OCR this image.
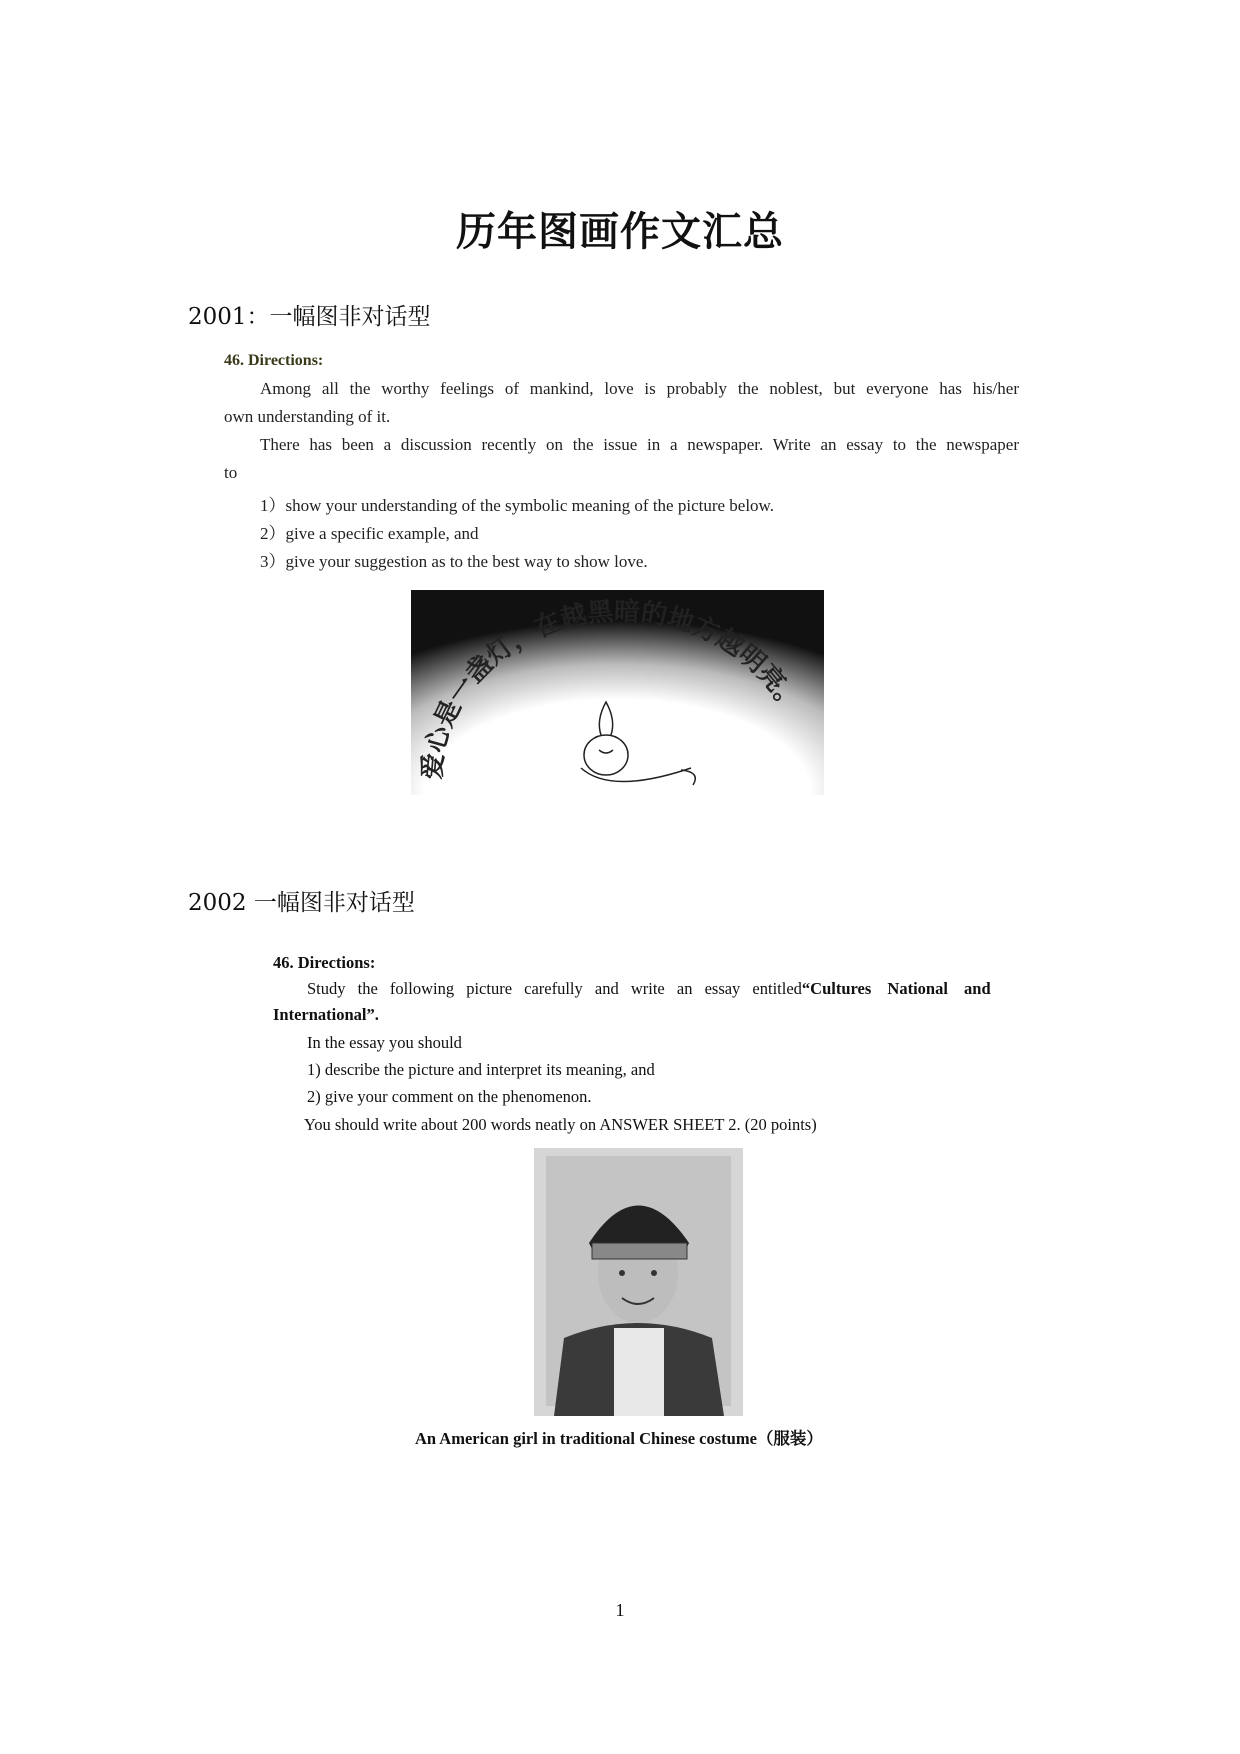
历年图画作文汇总
2001：一幅图非对话型
46. Directions:
Among all the worthy feelings of mankind, love is probably the noblest, but everyone has his/her
own understanding of it.
There has been a discussion recently on the issue in a newspaper. Write an essay to the newspaper
to
1）show your understanding of the symbolic meaning of the picture below.
2）give a specific example, and
3）give your suggestion as to the best way to show love.
爱心是一盏灯，在越黑暗的地方越明亮。
2002 一幅图非对话型
46. Directions:
Study the following picture carefully and write an essay entitled “Cultures National and
International”.
In the essay you should
1) describe the picture and interpret its meaning, and
2) give your comment on the phenomenon.
You should write about 200 words neatly on ANSWER SHEET 2. (20 points)
An American girl in traditional Chinese costume（服装）
1
